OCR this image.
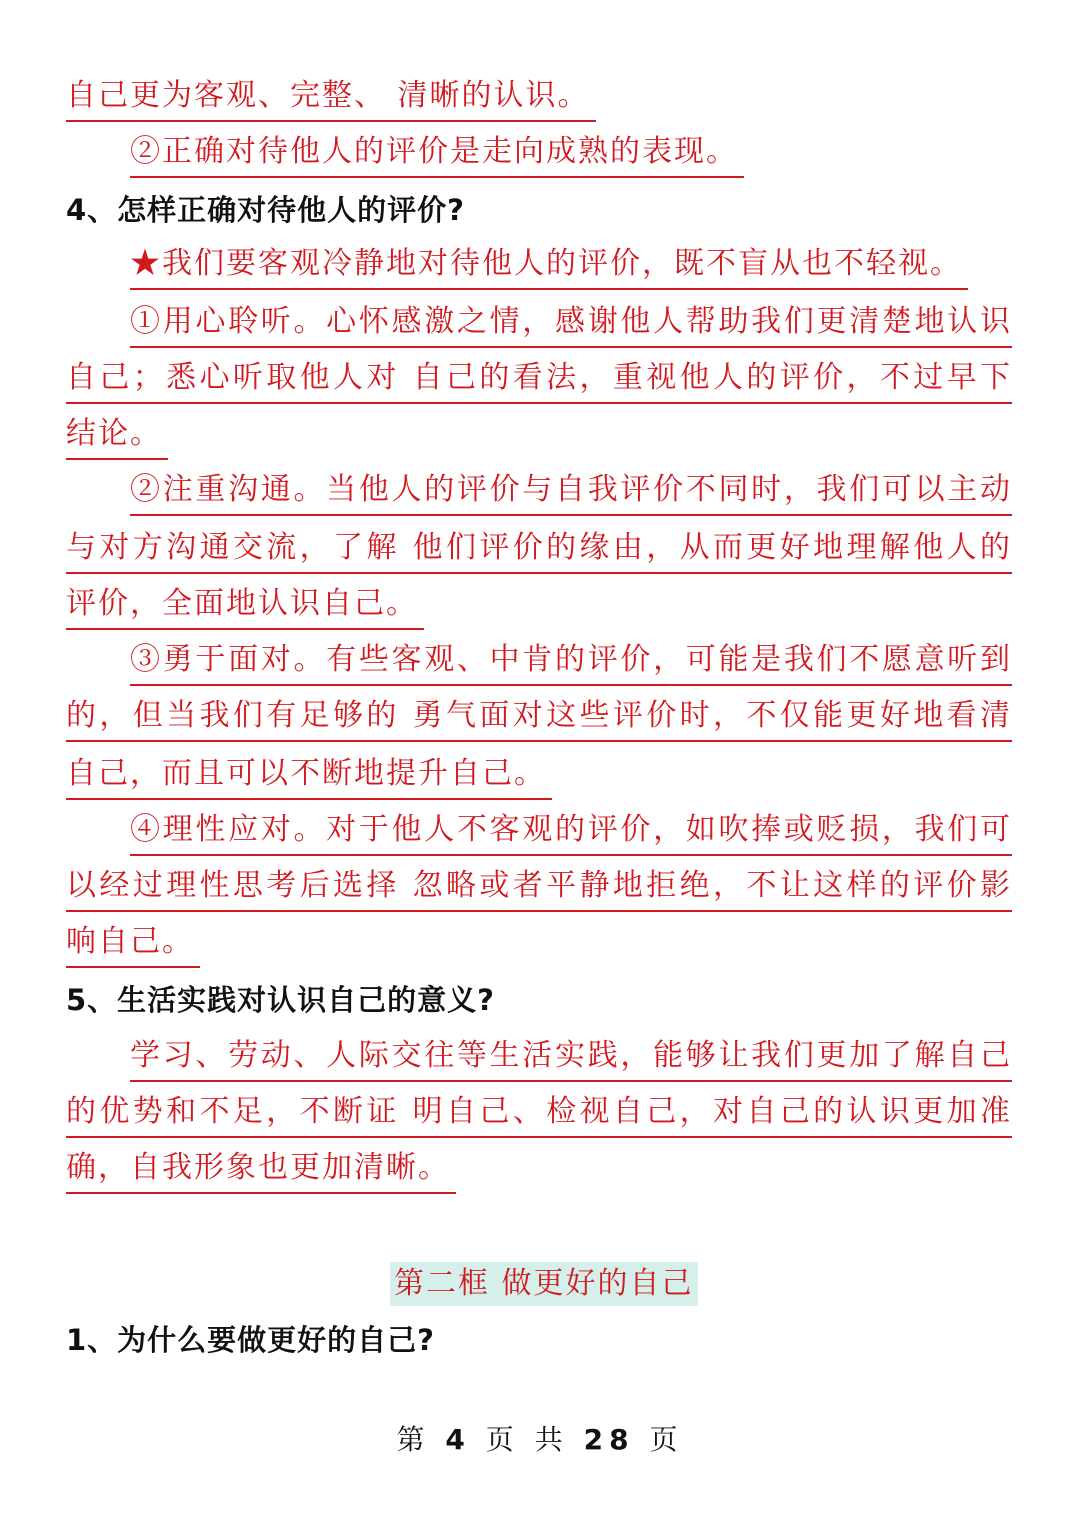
自己更为客观、完整、 清晰的认识。
②正确对待他人的评价是走向成熟的表现。
4、怎样正确对待他人的评价?
★我们要客观冷静地对待他人的评价，既不盲从也不轻视。
①用心聆听。心怀感激之情，感谢他人帮助我们更清楚地认识
自己；悉心听取他人对 自己的看法，重视他人的评价，不过早下
结论。
②注重沟通。当他人的评价与自我评价不同时，我们可以主动
与对方沟通交流，了解 他们评价的缘由，从而更好地理解他人的
评价，全面地认识自己。
③勇于面对。有些客观、中肯的评价，可能是我们不愿意听到
的，但当我们有足够的 勇气面对这些评价时，不仅能更好地看清
自己，而且可以不断地提升自己。
④理性应对。对于他人不客观的评价，如吹捧或贬损，我们可
以经过理性思考后选择 忽略或者平静地拒绝，不让这样的评价影
响自己。
5、生活实践对认识自己的意义?
学习、劳动、人际交往等生活实践，能够让我们更加了解自己
的优势和不足，不断证 明自己、检视自己，对自己的认识更加准
确，自我形象也更加清晰。
第二框 做更好的自己
1、为什么要做更好的自己?
第 4 页 共 28 页
